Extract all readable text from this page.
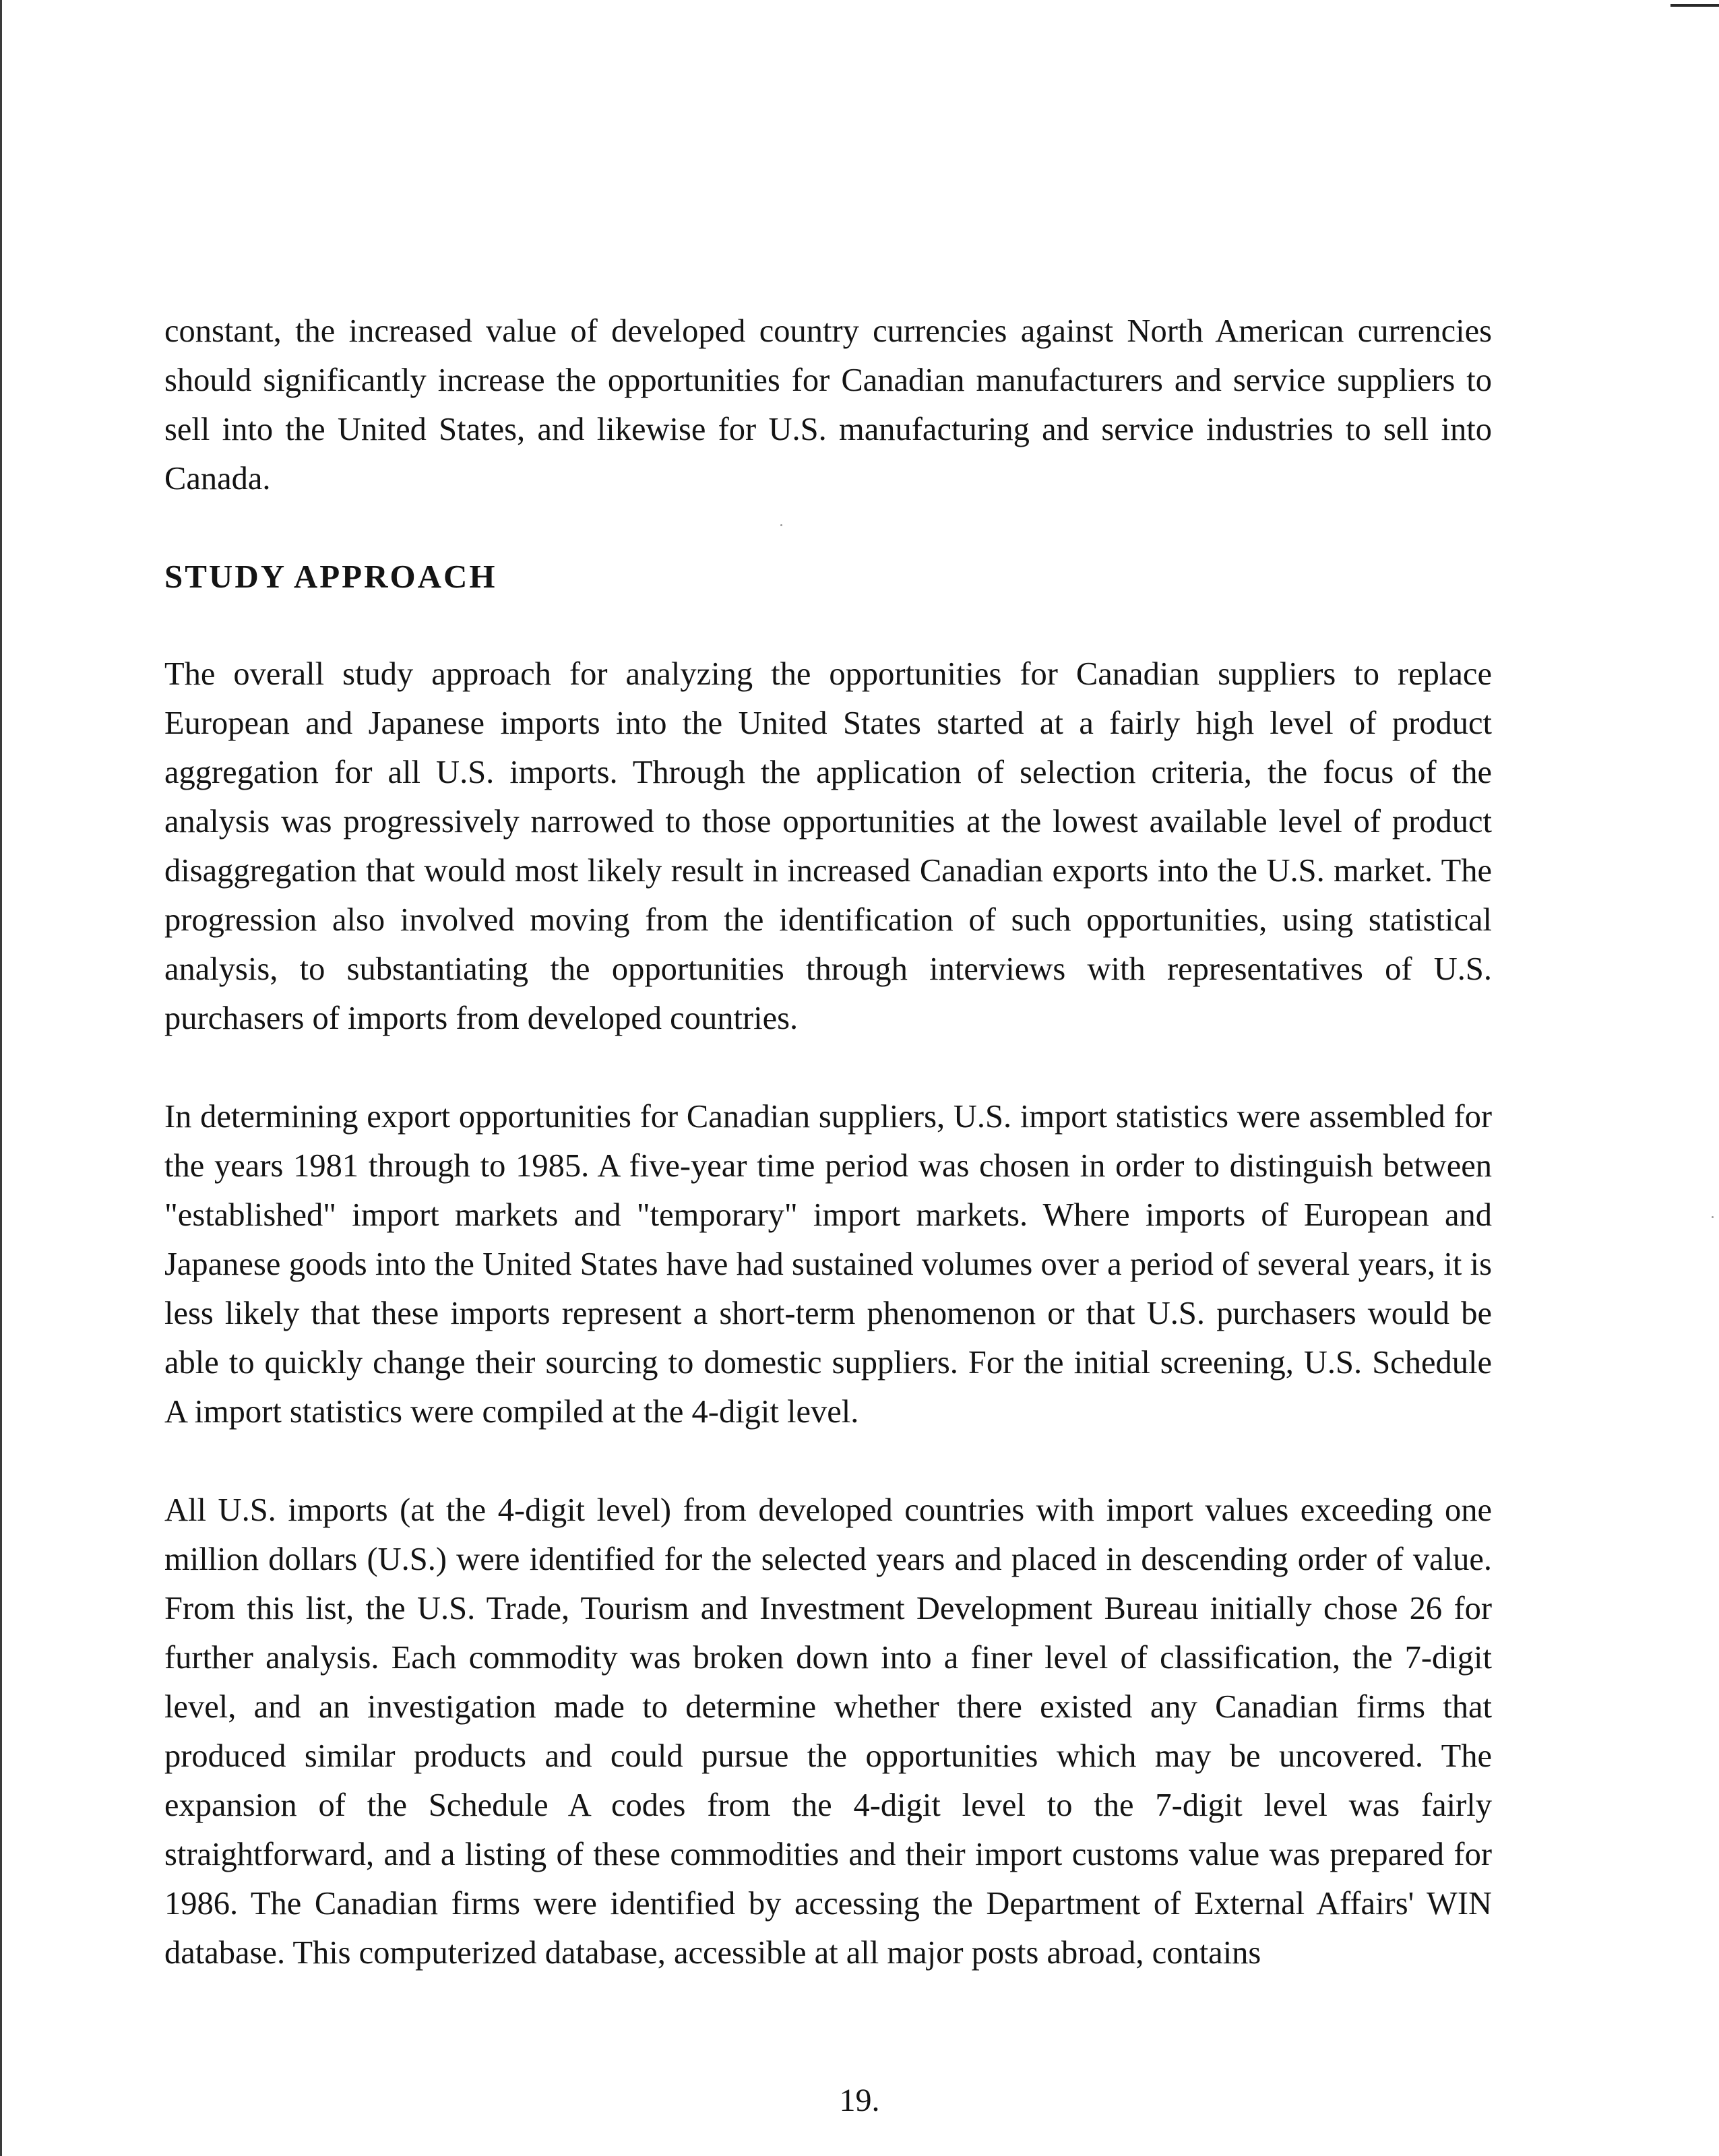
constant, the increased value of developed country currencies against North American currencies should significantly increase the opportunities for Canadian manufacturers and service suppliers to sell into the United States, and likewise for U.S. manufacturing and service industries to sell into Canada.

STUDY APPROACH

The overall study approach for analyzing the opportunities for Canadian suppliers to replace European and Japanese imports into the United States started at a fairly high level of product aggregation for all U.S. imports. Through the application of selection criteria, the focus of the analysis was progressively narrowed to those opportunities at the lowest available level of product disaggregation that would most likely result in increased Canadian exports into the U.S. market. The progression also involved moving from the identification of such opportunities, using statistical analysis, to substantiating the opportunities through interviews with representatives of U.S. purchasers of imports from developed countries.

In determining export opportunities for Canadian suppliers, U.S. import statistics were assembled for the years 1981 through to 1985. A five-year time period was chosen in order to distinguish between "established" import markets and "temporary" import markets. Where imports of European and Japanese goods into the United States have had sustained volumes over a period of several years, it is less likely that these imports represent a short-term phenomenon or that U.S. purchasers would be able to quickly change their sourcing to domestic suppliers. For the initial screening, U.S. Schedule A import statistics were compiled at the 4-digit level.

All U.S. imports (at the 4-digit level) from developed countries with import values exceeding one million dollars (U.S.) were identified for the selected years and placed in descending order of value. From this list, the U.S. Trade, Tourism and Investment Development Bureau initially chose 26 for further analysis. Each commodity was broken down into a finer level of classification, the 7-digit level, and an investigation made to determine whether there existed any Canadian firms that produced similar products and could pursue the opportunities which may be uncovered. The expansion of the Schedule A codes from the 4-digit level to the 7-digit level was fairly straightforward, and a listing of these commodities and their import customs value was prepared for 1986. The Canadian firms were identified by accessing the Department of External Affairs' WIN database. This computerized database, accessible at all major posts abroad, contains

19.
